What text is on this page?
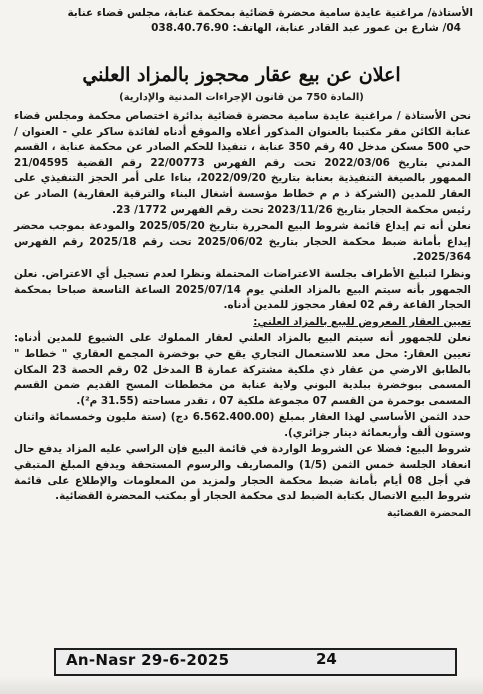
الأستاذة/ مراغنية عايدة سامية محضرة قضائية بمحكمة عنابة، مجلس قضاء عنابة
04/ شارع بن عمور عبد القادر عنابة، الهاتف: 038.40.76.90
اعلان عن بيع عقار محجوز بالمزاد العلني
(المادة 750 من قانون الإجراءات المدنية والإدارية)

نحن الأستاذة / مراغنية عايدة سامية محضرة قضائية بدائرة اختصاص محكمة ومجلس قضاء عنابة الكائن مقر مكتبنا بالعنوان المذكور أعلاه والموقع أدناه لفائدة ساكر علي - العنوان / حي 500 مسكن مدخل 40 رقم 350 عنابة ، تنفيذا للحكم الصادر عن محكمة عنابة ، القسم المدني بتاريخ 2022/03/06 تحت رقم الفهرس 22/00773 رقم القضية 21/04595 الممهور بالصيغة التنفيذية بعنابة بتاريخ 2022/09/20، بناءا على أمر الحجز التنفيذي على العقار للمدين (الشركة ذ م م خطاط مؤسسة أشغال البناء والترقية العقارية) الصادر عن رئيس محكمة الحجار بتاريخ 2023/11/26 تحت رقم الفهرس 1772/ 23.

نعلن أنه تم إيداع قائمة شروط البيع المحررة بتاريخ 2025/05/20 والمودعة بموجب محضر إيداع بأمانة ضبط محكمة الحجار بتاريخ 2025/06/02 تحت رقم 2025/18 رقم الفهرس 2025/364.

ونظرا لتبليغ الأطراف بجلسة الاعتراضات المحتملة ونظرا لعدم تسجيل أي الاعتراض. نعلن الجمهور بأنه سيتم البيع بالمزاد العلني يوم 2025/07/14 الساعة التاسعة صباحا بمحكمة الحجار القاعة رقم 02 لعقار محجوز للمدين أدناه.

تعيين العقار المعروض للبيع بالمزاد العلني:

نعلن للجمهور أنه سيتم البيع بالمزاد العلني لعقار المملوك على الشيوع للمدين أدناه: تعيين العقار: محل معد للاستعمال التجاري يقع حي بوخضرة المجمع العقاري " خطاط " بالطابق الارضي من عقار ذي ملكية مشتركة عمارة B المدخل 02 رقم الحصة 23 المكان المسمى ببوخضرة ببلدية البوني ولاية عنابة من مخططات المسح القديم ضمن القسم المسمى بوحمرة من القسم 07 مجموعة ملكية 07 ، تقدر مساحته (31.55 م²).

حدد الثمن الأساسي لهذا العقار بمبلغ (6.562.400.00 دج) (ستة مليون وخمسمائة واثنان وستون ألف وأربعمائة دينار جزائري).

شروط البيع: فضلا عن الشروط الواردة في قائمة البيع فإن الراسي عليه المزاد يدفع حال انعقاد الجلسة خمس الثمن (1/5) والمصاريف والرسوم المستحقة ويدفع المبلغ المتبقي في أجل 08 أيام بأمانة ضبط محكمة الحجار ولمزيد من المعلومات والإطلاع على قائمة شروط البيع الاتصال بكتابة الضبط لدى محكمة الحجار أو بمكتب المحضرة القضائية.

المحضرة القضائية

An-Nasr 29-6-2025	24
